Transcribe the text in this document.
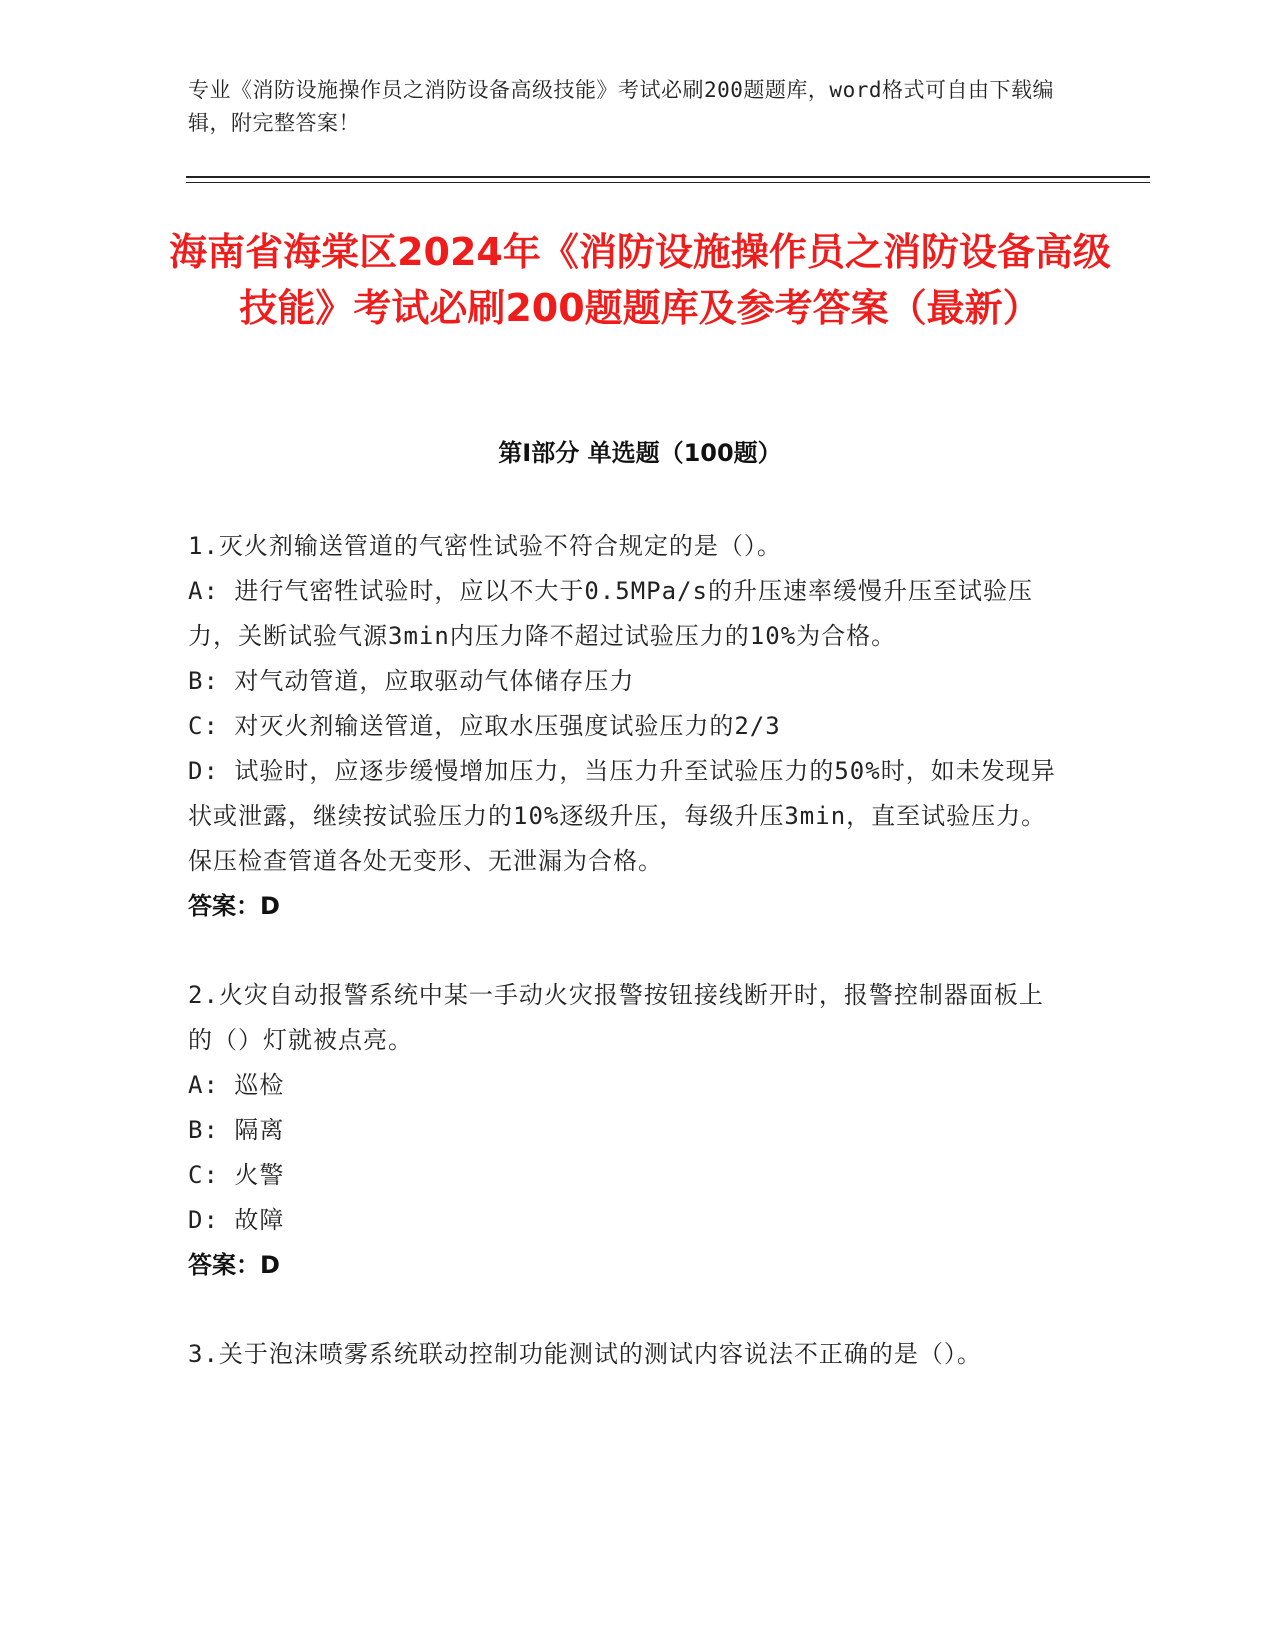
专业《消防设施操作员之消防设备高级技能》考试必刷200题题库，word格式可自由下载编辑，附完整答案！
海南省海棠区2024年《消防设施操作员之消防设备高级技能》考试必刷200题题库及参考答案（最新）
第I部分 单选题（100题）

1.灭火剂输送管道的气密性试验不符合规定的是（）。

A: 进行气密牲试验时，应以不大于0.5MPa/s的升压速率缓慢升压至试验压力，关断试验气源3min内压力降不超过试验压力的10%为合格。

B: 对气动管道，应取驱动气体储存压力

C: 对灭火剂输送管道，应取水压强度试验压力的2/3

D: 试验时，应逐步缓慢增加压力，当压力升至试验压力的50%时，如未发现异状或泄露，继续按试验压力的10%逐级升压，每级升压3min，直至试验压力。保压检查管道各处无变形、无泄漏为合格。

答案：D

2.火灾自动报警系统中某一手动火灾报警按钮接线断开时，报警控制器面板上的（）灯就被点亮。

A: 巡检

B: 隔离

C: 火警

D: 故障

答案：D

3.关于泡沫喷雾系统联动控制功能测试的测试内容说法不正确的是（）。
